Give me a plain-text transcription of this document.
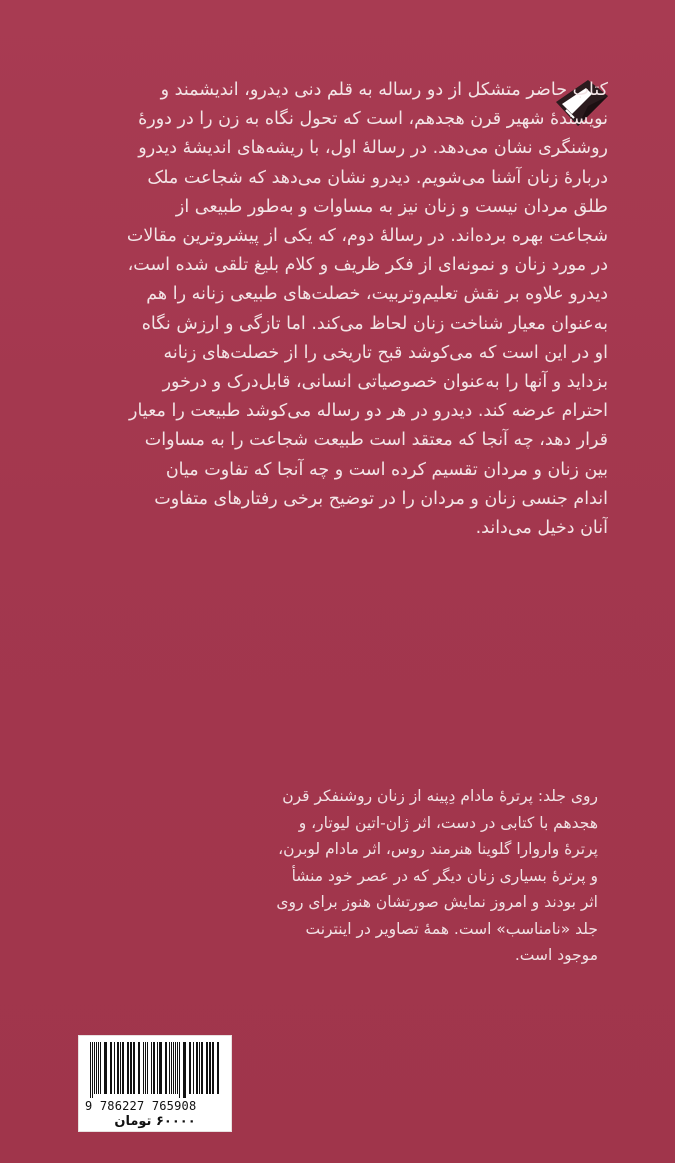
کتاب حاضر متشکل از دو رساله به قلم دنی دیدرو، اندیشمند و
نویسندهٔ شهیر قرن هجدهم، است که تحول نگاه به زن را در دورهٔ
روشنگری نشان می‌دهد. در رسالهٔ اول، با ریشه‌های اندیشهٔ دیدرو
دربارهٔ زنان آشنا می‌شویم. دیدرو نشان می‌دهد که شجاعت ملک
طلق مردان نیست و زنان نیز به مساوات و به‌طور طبیعی از
شجاعت بهره برده‌اند. در رسالهٔ دوم، که یکی از پیشروترین مقالات
در مورد زنان و نمونه‌ای از فکر ظریف و کلام بلیغ تلقی شده است،
دیدرو علاوه بر نقش تعلیم‌وتربیت، خصلت‌های طبیعی زنانه را هم
به‌عنوان معیار شناخت زنان لحاظ می‌کند. اما تازگی و ارزش نگاه
او در این است که می‌کوشد قبح تاریخی را از خصلت‌های زنانه
بزداید و آنها را به‌عنوان خصوصیاتی انسانی، قابل‌درک و درخور
احترام عرضه کند. دیدرو در هر دو رساله می‌کوشد طبیعت را معیار
قرار دهد، چه آنجا که معتقد است طبیعت شجاعت را به مساوات
بین زنان و مردان تقسیم کرده است و چه آنجا که تفاوت میان
اندام جنسی زنان و مردان را در توضیح برخی رفتارهای متفاوت
آنان دخیل می‌داند.
روی جلد: پرترهٔ مادام دِپینه از زنان روشنفکر قرن
هجدهم با کتابی در دست، اثر ژان-اتین لیوتار، و
پرترهٔ واروارا گلوینا هنرمند روس، اثر مادام لوبرن،
و پرترهٔ بسیاری زنان دیگر که در عصر خود منشأ
اثر بودند و امروز نمایش صورتشان هنوز برای روی
جلد «نامناسب» است. همهٔ تصاویر در اینترنت
موجود است.
9 786227 765908
۶۰۰۰۰ تومان
